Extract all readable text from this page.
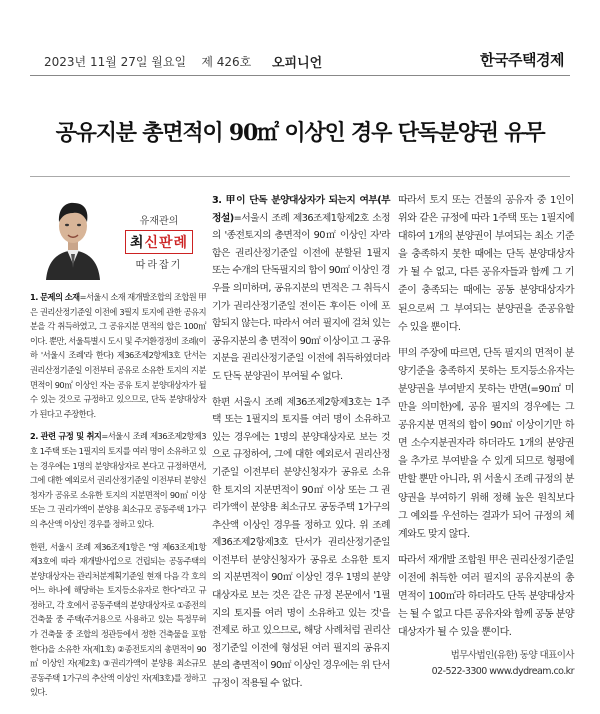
2023년 11월 27일 월요일 제 426호 오피니언	한국주택경제
공유지분 총면적이 90㎡ 이상인 경우 단독분양권 유무
유재관의
최신판례
따라잡기

1. 문제의 소재=서울시 소재 재개발조합의 조합원 甲은 권리산정기준일 이전에 3필지 토지에 관한 공유지분을 각 취득하였고, 그 공유지분 면적의 합은 100㎡이다. 뿐만, 서울특별시 도시 및 주거환경정비 조례(이하 '서울시 조례'라 한다) 제36조제2항제3호 단서는 권리산정기준일 이전부터 공유로 소유한 토지의 지분면적이 90㎡ 이상인 자는 공유 토지 분양대상자가 될 수 있는 것으로 규정하고 있으므로, 단독 분양대상자가 된다고 주장한다.

2. 관련 규정 및 취지=서울시 조례 제36조제2항제3호 1주택 또는 1필지의 토지를 여러 명이 소유하고 있는 경우에는 1명의 분양대상자로 본다고 규정하면서, 그에 대한 예외로서 권리산정기준일 이전부터 분양신청자가 공유로 소유한 토지의 지분면적이 90㎡ 이상 또는 그 권리가액이 분양용 최소규모 공동주택 1가구의 추산액 이상인 경우를 정하고 있다.

한편, 서울시 조례 제36조제1항은 "영 제63조제1항제3호에 따라 재개발사업으로 건립되는 공동주택의 분양대상자는 관리처분계획기준일 현재 다음 각 호의 어느 하나에 해당하는 토지등소유자로 한다"라고 규정하고, 각 호에서 공동주택의 분양대상자로 ①종전의 건축물 중 주택(주거용으로 사용하고 있는 특정무허가 건축물 중 조합의 정관등에서 정한 건축물을 포함한다)을 소유한 자(제1호) ②종전토지의 총면적이 90㎡ 이상인 자(제2호) ③권리가액이 분양용 최소규모 공동주택 1가구의 추산액 이상인 자(제3호)를 정하고 있다.

3. 甲이 단독 분양대상자가 되는지 여부(부정설)=서울시 조례 제36조제1항제2호 소정의 '종전토지의 총면적이 90㎡ 이상인 자'라 함은 권리산정기준일 이전에 분할된 1필지 또는 수개의 단독필지의 합이 90㎡ 이상인 경우를 의미하며, 공유지분의 면적은 그 취득시기가 권리산정기준일 전이든 후이든 이에 포함되지 않는다. 따라서 여러 필지에 걸쳐 있는 공유지분의 총 면적이 90㎡ 이상이고 그 공유지분을 권리산정기준일 이전에 취득하였더라도 단독 분양권이 부여될 수 없다.

한편 서울시 조례 제36조제2항제3호는 1주택 또는 1필지의 토지를 여러 명이 소유하고 있는 경우에는 1명의 분양대상자로 보는 것으로 규정하여, 그에 대한 예외로서 권리산정기준일 이전부터 분양신청자가 공유로 소유한 토지의 지분면적이 90㎡ 이상 또는 그 권리가액이 분양용 최소규모 공동주택 1가구의 추산액 이상인 경우를 정하고 있다. 위 조례 제36조제2항제3호 단서가 권리산정기준일 이전부터 분양신청자가 공유로 소유한 토지의 지분면적이 90㎡ 이상인 경우 1명의 분양대상자로 보는 것은 같은 규정 본문에서 '1필지의 토지를 여러 명이 소유하고 있는 것'을 전제로 하고 있으므로, 해당 사례처럼 권리산정기준일 이전에 형성된 여러 필지의 공유지분의 총면적이 90㎡ 이상인 경우에는 위 단서 규정이 적용될 수 없다.

따라서 토지 또는 건물의 공유자 중 1인이 위와 같은 규정에 따라 1주택 또는 1필지에 대하여 1개의 분양권이 부여되는 최소 기준을 충족하지 못한 때에는 단독 분양대상자가 될 수 없고, 다른 공유자들과 함께 그 기준이 충족되는 때에는 공동 분양대상자가 된으로써 그 부여되는 분양권을 준공유할 수 있을 뿐이다.

甲의 주장에 따르면, 단독 필지의 면적이 분양기준을 충족하지 못하는 토지등소유자는 분양권을 부여받지 못하는 반면(=90㎡ 미만을 의미한)에, 공유 필지의 경우에는 그 공유지분 면적의 합이 90㎡ 이상이기만 하면 소수지분권자라 하더라도 1개의 분양권을 추가로 부여받을 수 있게 되므로 형평에 반할 뿐만 아니라, 위 서울시 조례 규정의 분양권을 부여하기 위해 정해 높은 원칙보다 그 예외를 우선하는 결과가 되어 규정의 체계와도 맞지 않다.

따라서 재개발 조합원 甲은 권리산정기준일 이전에 취득한 여러 필지의 공유지분의 총면적이 100㎡라 하더라도 단독 분양대상자는 될 수 없고 다른 공유자와 함께 공동 분양대상자가 될 수 있을 뿐이다.

법무사법인(유한) 동양 대표이사
02-522-3300 www.dydream.co.kr
